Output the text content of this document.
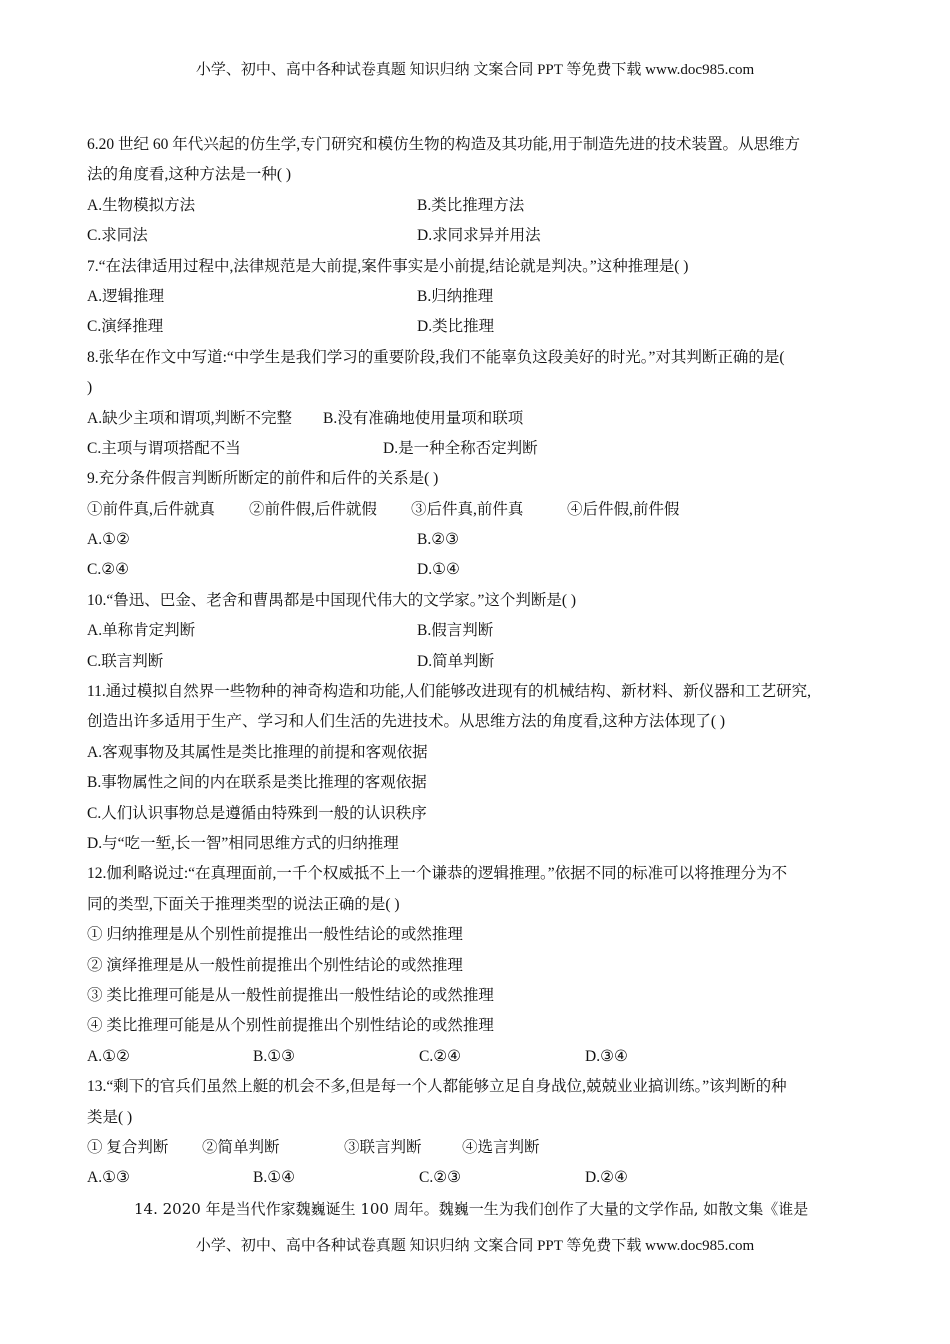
小学、初中、高中各种试卷真题 知识归纳 文案合同 PPT 等免费下载 www.doc985.com
6.20 世纪 60 年代兴起的仿生学,专门研究和模仿生物的构造及其功能,用于制造先进的技术装置。从思维方
法的角度看,这种方法是一种( )
A.生物模拟方法	B.类比推理方法
C.求同法	D.求同求异并用法
7.“在法律适用过程中,法律规范是大前提,案件事实是小前提,结论就是判决。”这种推理是( )
A.逻辑推理	B.归纳推理
C.演绎推理	D.类比推理
8.张华在作文中写道:“中学生是我们学习的重要阶段,我们不能辜负这段美好的时光。”对其判断正确的是(
)
A.缺少主项和谓项,判断不完整	B.没有准确地使用量项和联项
C.主项与谓项搭配不当	D.是一种全称否定判断
9.充分条件假言判断所断定的前件和后件的关系是( )
①前件真,后件就真	②前件假,后件就假	③后件真,前件真	④后件假,前件假
A.①②	B.②③
C.②④	D.①④
10.“鲁迅、巴金、老舍和曹禺都是中国现代伟大的文学家。”这个判断是( )
A.单称肯定判断	B.假言判断
C.联言判断	D.简单判断
11.通过模拟自然界一些物种的神奇构造和功能,人们能够改进现有的机械结构、新材料、新仪器和工艺研究,
创造出许多适用于生产、学习和人们生活的先进技术。从思维方法的角度看,这种方法体现了( )
A.客观事物及其属性是类比推理的前提和客观依据
B.事物属性之间的内在联系是类比推理的客观依据
C.人们认识事物总是遵循由特殊到一般的认识秩序
D.与“吃一堑,长一智”相同思维方式的归纳推理
12.伽利略说过:“在真理面前,一千个权威抵不上一个谦恭的逻辑推理。”依据不同的标准可以将推理分为不
同的类型,下面关于推理类型的说法正确的是( )
① 归纳推理是从个别性前提推出一般性结论的或然推理
② 演绎推理是从一般性前提推出个别性结论的或然推理
③ 类比推理可能是从一般性前提推出一般性结论的或然推理
④ 类比推理可能是从个别性前提推出个别性结论的或然推理
A.①②	B.①③	C.②④	D.③④
13.“剩下的官兵们虽然上艇的机会不多,但是每一个人都能够立足自身战位,兢兢业业搞训练。”该判断的种
类是( )
① 复合判断	②简单判断	③联言判断	④选言判断
A.①③	B.①④	C.②③	D.②④
14. 2020 年是当代作家魏巍诞生 100 周年。魏巍一生为我们创作了大量的文学作品, 如散文集《谁是
小学、初中、高中各种试卷真题 知识归纳 文案合同 PPT 等免费下载 www.doc985.com
